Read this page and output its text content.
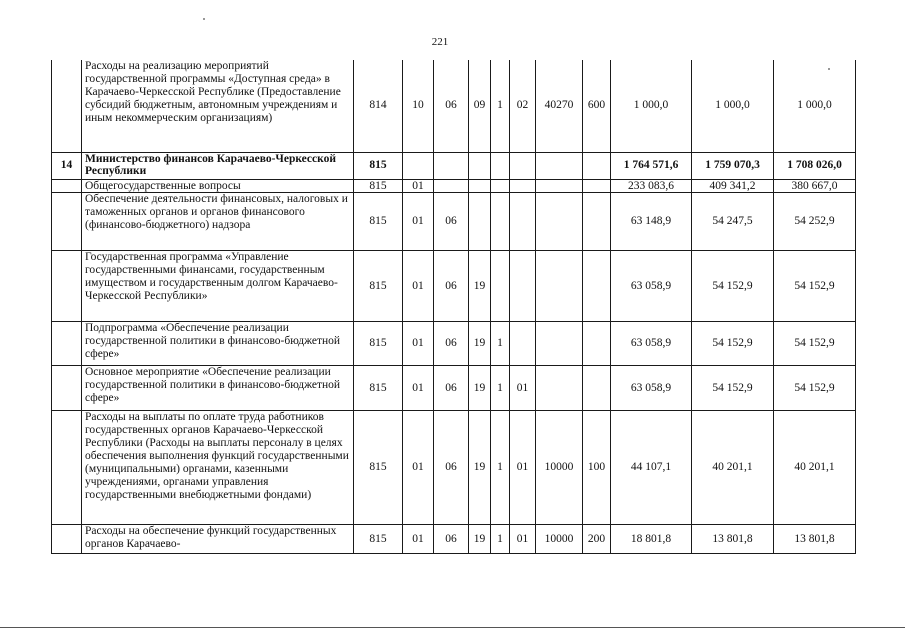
221
	Расходы на реализацию мероприятий государственной программы «Доступная среда» в Карачаево-Черкесской Республике (Предоставление субсидий бюджетным, автономным учреждениям и иным некоммерческим организациям)	814	10	06	09	1	02	40270	600	1 000,0	1 000,0	1 000,0
14	Министерство финансов Карачаево-Черкесской Республики	815								1 764 571,6	1 759 070,3	1 708 026,0
	Общегосударственные вопросы	815	01							233 083,6	409 341,2	380 667,0
	Обеспечение деятельности финансовых, налоговых и таможенных органов и органов финансового (финансово-бюджетного) надзора	815	01	06						63 148,9	54 247,5	54 252,9
	Государственная программа «Управление государственными финансами, государственным имуществом и государственным долгом Карачаево-Черкесской Республики»	815	01	06	19					63 058,9	54 152,9	54 152,9
	Подпрограмма «Обеспечение реализации государственной политики в финансово-бюджетной сфере»	815	01	06	19	1				63 058,9	54 152,9	54 152,9
	Основное мероприятие «Обеспечение реализации государственной политики в финансово-бюджетной сфере»	815	01	06	19	1	01			63 058,9	54 152,9	54 152,9
	Расходы на выплаты по оплате труда работников государственных органов Карачаево-Черкесской Республики (Расходы на выплаты персоналу в целях обеспечения выполнения функций государственными (муниципальными) органами, казенными учреждениями, органами управления государственными внебюджетными фондами)	815	01	06	19	1	01	10000	100	44 107,1	40 201,1	40 201,1
	Расходы на обеспечение функций государственных органов Карачаево-	815	01	06	19	1	01	10000	200	18 801,8	13 801,8	13 801,8
